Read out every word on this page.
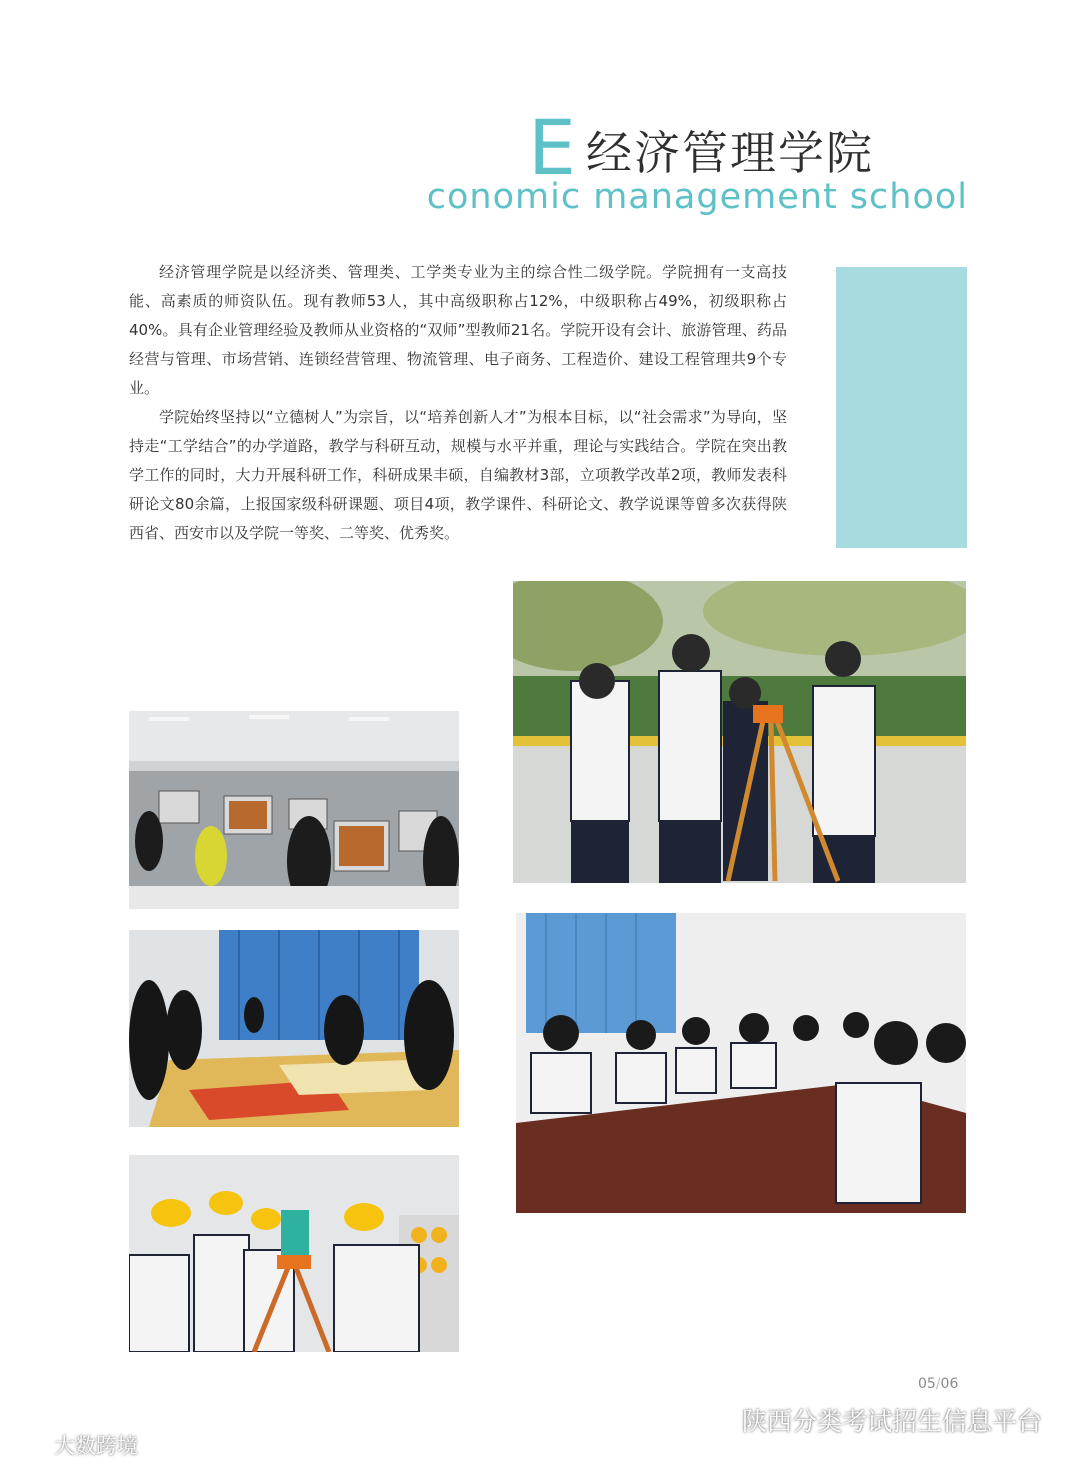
E 经济管理学院
conomic management school

经济管理学院是以经济类、管理类、工学类专业为主的综合性二级学院。学院拥有一支高技能、高素质的师资队伍。现有教师53人，其中高级职称占12%，中级职称占49%，初级职称占40%。具有企业管理经验及教师从业资格的“双师”型教师21名。学院开设有会计、旅游管理、药品经营与管理、市场营销、连锁经营管理、物流管理、电子商务、工程造价、建设工程管理共9个专业。

学院始终坚持以“立德树人”为宗旨，以“培养创新人才”为根本目标，以“社会需求”为导向，坚持走“工学结合”的办学道路，教学与科研互动，规模与水平并重，理论与实践结合。学院在突出教学工作的同时，大力开展科研工作，科研成果丰硕，自编教材3部，立项教学改革2项，教师发表科研论文80余篇，上报国家级科研课题、项目4项，教学课件、科研论文、教学说课等曾多次获得陕西省、西安市以及学院一等奖、二等奖、优秀奖。

05/06
陕西分类考试招生信息平台
大数跨境
